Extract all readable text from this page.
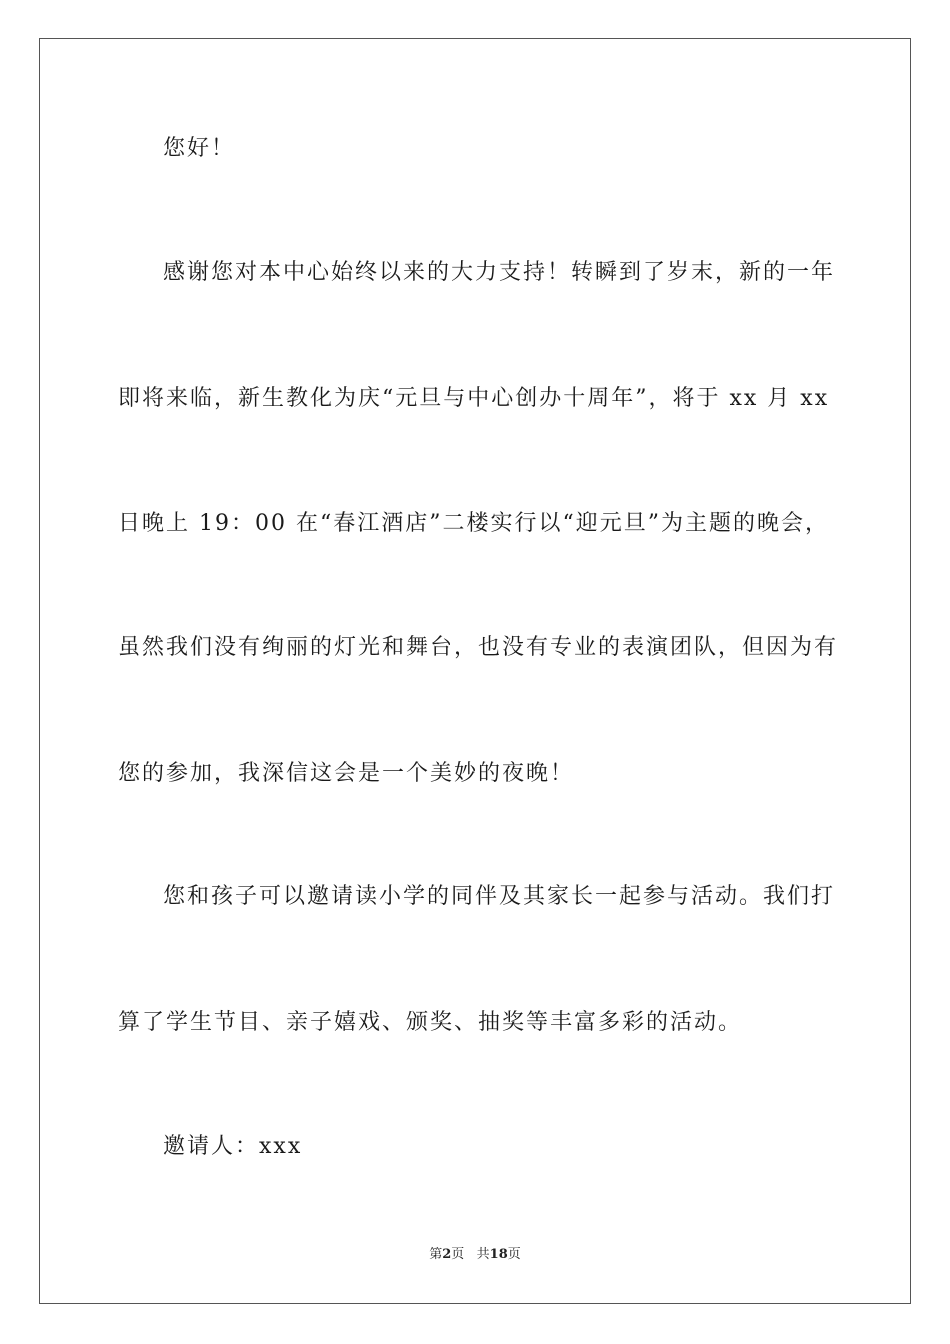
您好！
感谢您对本中心始终以来的大力支持！转瞬到了岁末，新的一年
即将来临，新生教化为庆“元旦与中心创办十周年”，将于 xx 月 xx
日晚上 19：00 在“春江酒店”二楼实行以“迎元旦”为主题的晚会，
虽然我们没有绚丽的灯光和舞台，也没有专业的表演团队，但因为有
您的参加，我深信这会是一个美妙的夜晚！
您和孩子可以邀请读小学的同伴及其家长一起参与活动。我们打
算了学生节目、亲子嬉戏、颁奖、抽奖等丰富多彩的活动。
邀请人：xxx
第2页   共18页
